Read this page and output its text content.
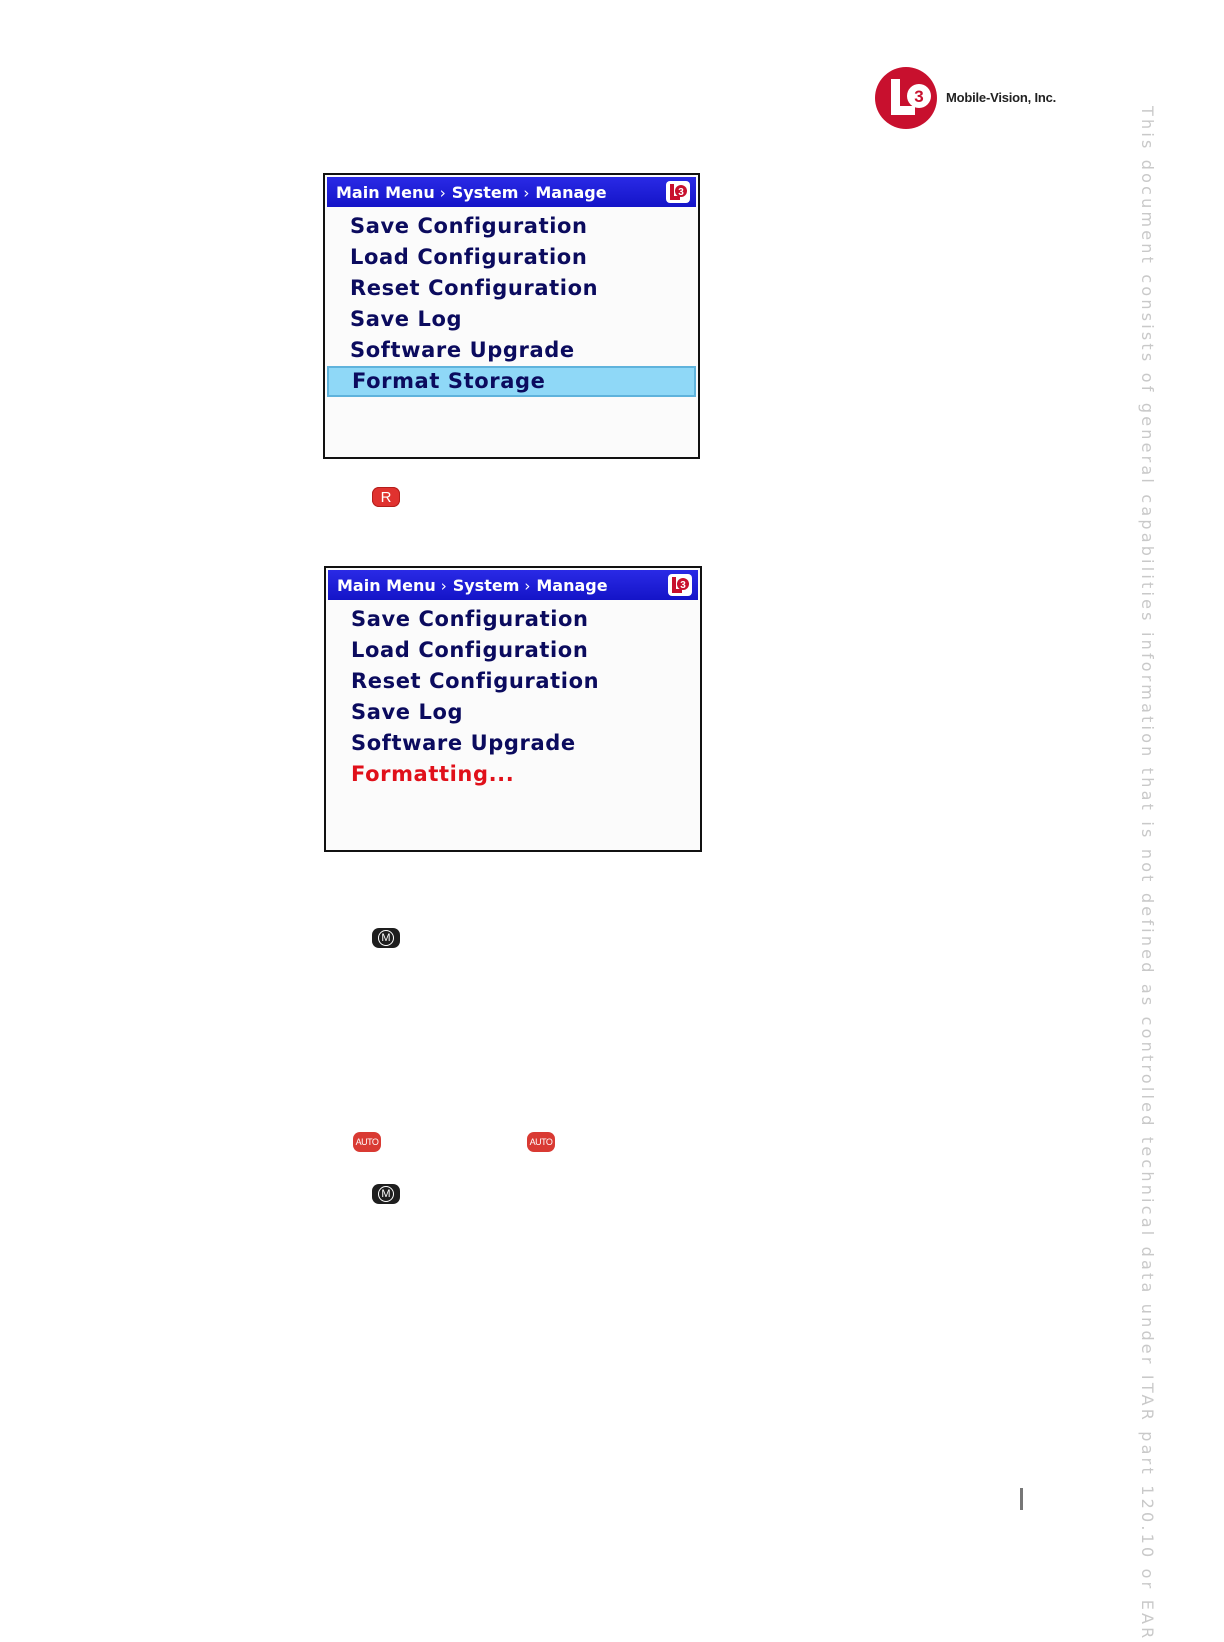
3 Mobile-Vision, Inc.
Main Menu › System › Manage	3
Save Configuration
Load Configuration
Reset Configuration
Save Log
Software Upgrade
Format Storage
R
Main Menu › System › Manage	3
Save Configuration
Load Configuration
Reset Configuration
Save Log
Software Upgrade
Formatting...
M
AUTO	AUTO
M	This document consists of general capabilities information that is not defined as controlled technical data under ITAR part 120.10 or EAR
